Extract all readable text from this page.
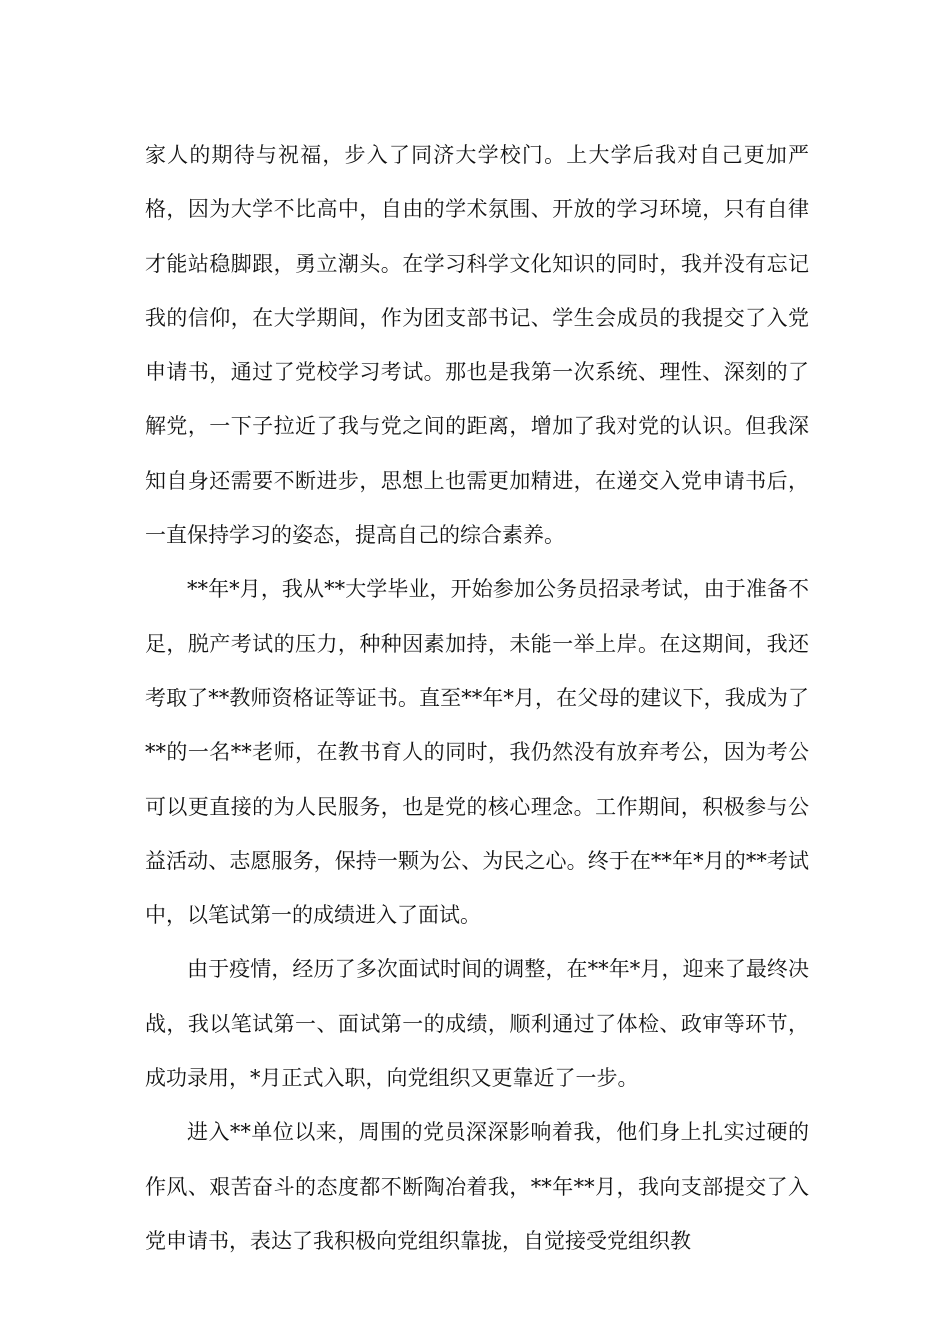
家人的期待与祝福，步入了同济大学校门。上大学后我对自己更加严格，因为大学不比高中，自由的学术氛围、开放的学习环境，只有自律才能站稳脚跟，勇立潮头。在学习科学文化知识的同时，我并没有忘记我的信仰，在大学期间，作为团支部书记、学生会成员的我提交了入党申请书，通过了党校学习考试。那也是我第一次系统、理性、深刻的了解党，一下子拉近了我与党之间的距离，增加了我对党的认识。但我深知自身还需要不断进步，思想上也需更加精进，在递交入党申请书后，一直保持学习的姿态，提高自己的综合素养。

**年*月，我从**大学毕业，开始参加公务员招录考试，由于准备不足，脱产考试的压力，种种因素加持，未能一举上岸。在这期间，我还考取了**教师资格证等证书。直至**年*月，在父母的建议下，我成为了**的一名**老师，在教书育人的同时，我仍然没有放弃考公，因为考公可以更直接的为人民服务，也是党的核心理念。工作期间，积极参与公益活动、志愿服务，保持一颗为公、为民之心。终于在**年*月的**考试中，以笔试第一的成绩进入了面试。

由于疫情，经历了多次面试时间的调整，在**年*月，迎来了最终决战，我以笔试第一、面试第一的成绩，顺利通过了体检、政审等环节，成功录用，*月正式入职，向党组织又更靠近了一步。

进入**单位以来，周围的党员深深影响着我，他们身上扎实过硬的作风、艰苦奋斗的态度都不断陶冶着我，**年**月，我向支部提交了入党申请书，表达了我积极向党组织靠拢，自觉接受党组织教
